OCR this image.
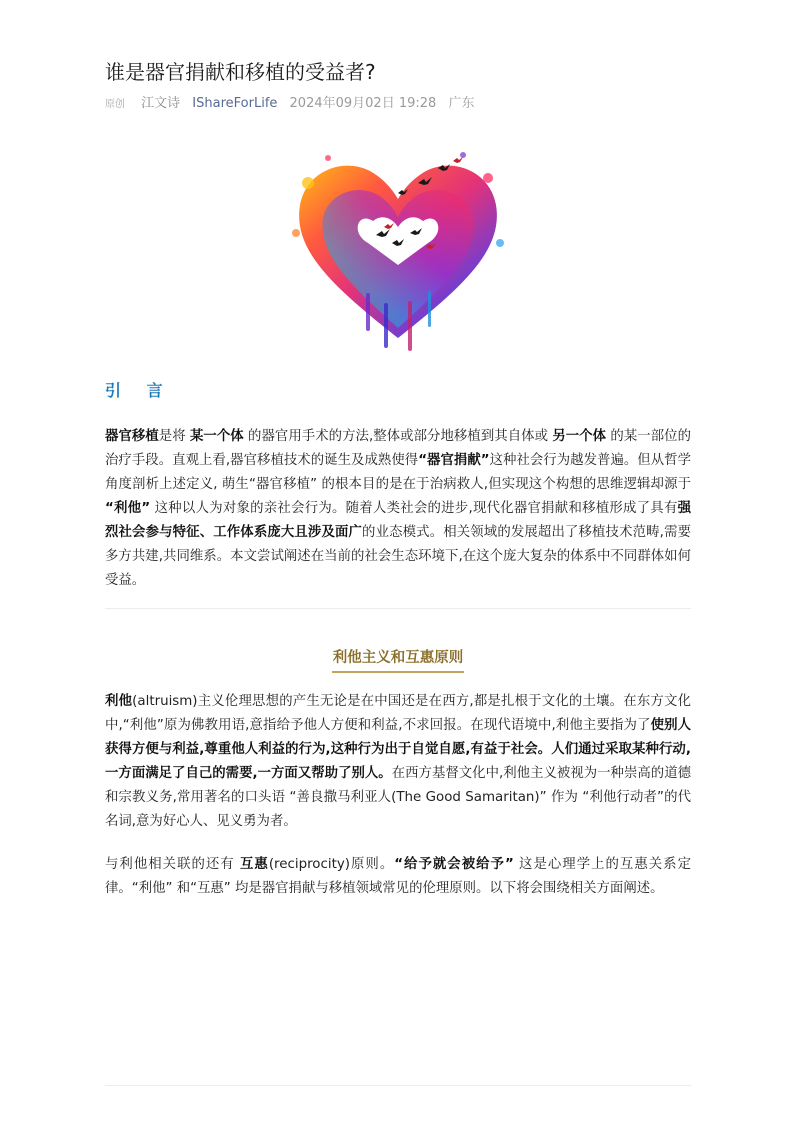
谁是器官捐献和移植的受益者?
原创 江文诗 IShareForLife 2024年09月02日 19:28 广东
引 言

器官移植是将 某一个体 的器官用手术的方法,整体或部分地移植到其自体或 另一个体 的某一部位的治疗手段。直观上看,器官移植技术的诞生及成熟使得“器官捐献”这种社会行为越发普遍。但从哲学角度剖析上述定义, 萌生“器官移植” 的根本目的是在于治病救人,但实现这个构想的思维逻辑却源于 “利他” 这种以人为对象的亲社会行为。随着人类社会的进步,现代化器官捐献和移植形成了具有强烈社会参与特征、工作体系庞大且涉及面广的业态模式。相关领域的发展超出了移植技术范畴,需要多方共建,共同维系。本文尝试阐述在当前的社会生态环境下,在这个庞大复杂的体系中不同群体如何受益。

利他主义和互惠原则

利他(altruism)主义伦理思想的产生无论是在中国还是在西方,都是扎根于文化的土壤。在东方文化中,“利他”原为佛教用语,意指给予他人方便和利益,不求回报。在现代语境中,利他主要指为了使别人获得方便与利益,尊重他人利益的行为,这种行为出于自觉自愿,有益于社会。人们通过采取某种行动,一方面满足了自己的需要,一方面又帮助了别人。在西方基督文化中,利他主义被视为一种崇高的道德和宗教义务,常用著名的口头语 “善良撒马利亚人(The Good Samaritan)” 作为 “利他行动者”的代名词,意为好心人、见义勇为者。

与利他相关联的还有 互惠(reciprocity)原则。“给予就会被给予” 这是心理学上的互惠关系定律。“利他” 和“互惠” 均是器官捐献与移植领域常见的伦理原则。以下将会围绕相关方面阐述。
